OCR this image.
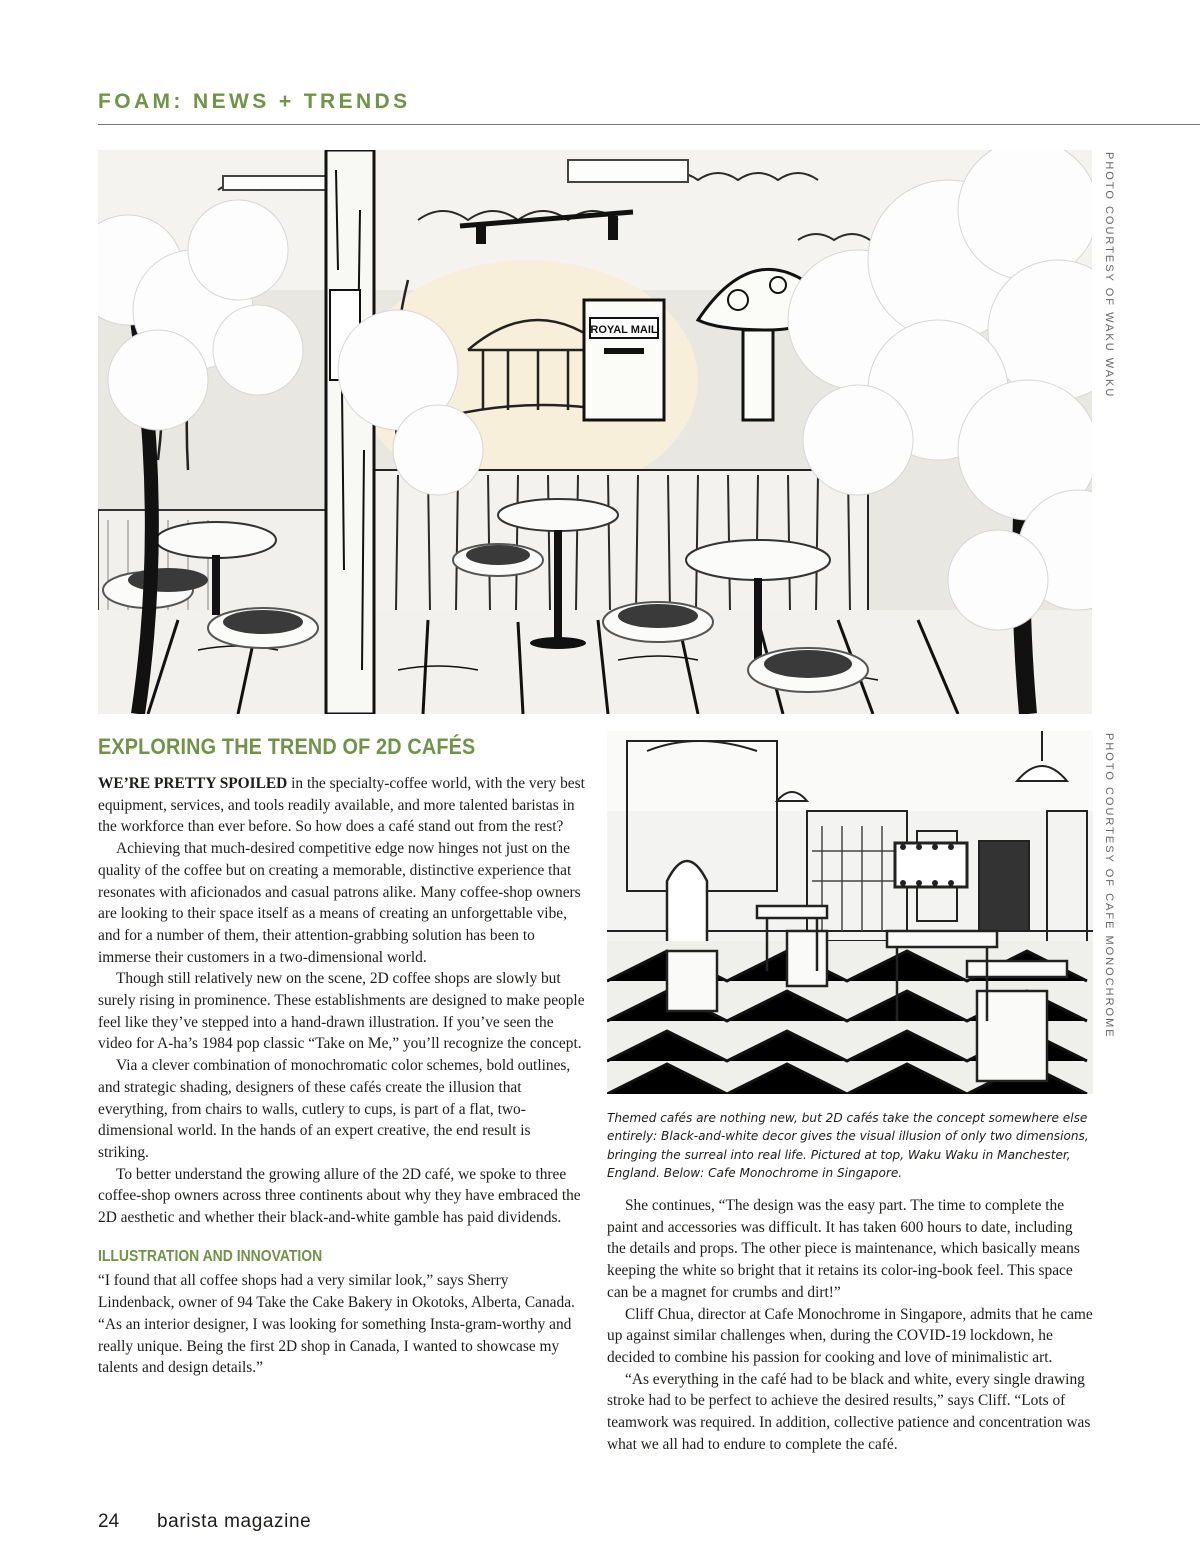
FOAM: NEWS + TRENDS
ROYAL MAIL	PHOTO COURTESY OF WAKU WAKU
EXPLORING THE TREND OF 2D CAFÉS

WE’RE PRETTY SPOILED in the specialty-coffee world, with the very best equipment, services, and tools readily available, and more talented baristas in the workforce than ever before. So how does a café stand out from the rest?

Achieving that much-desired competitive edge now hinges not just on the quality of the coffee but on creating a memorable, distinctive experience that resonates with aficionados and casual patrons alike. Many coffee-shop owners are looking to their space itself as a means of creating an unforgettable vibe, and for a number of them, their attention-grabbing solution has been to immerse their customers in a two-dimensional world.

Though still relatively new on the scene, 2D coffee shops are slowly but surely rising in prominence. These establishments are designed to make people feel like they’ve stepped into a hand-drawn illustration. If you’ve seen the video for A-ha’s 1984 pop classic “Take on Me,” you’ll recognize the concept.

Via a clever combination of monochromatic color schemes, bold outlines, and strategic shading, designers of these cafés create the illusion that everything, from chairs to walls, cutlery to cups, is part of a flat, two-dimensional world. In the hands of an expert creative, the end result is striking.

To better understand the growing allure of the 2D café, we spoke to three coffee-shop owners across three continents about why they have embraced the 2D aesthetic and whether their black-and-white gamble has paid dividends.

ILLUSTRATION AND INNOVATION

“I found that all coffee shops had a very similar look,” says Sherry Lindenback, owner of 94 Take the Cake Bakery in Okotoks, Alberta, Canada. “As an interior designer, I was looking for something Insta-gram-worthy and really unique. Being the first 2D shop in Canada, I wanted to showcase my talents and design details.”

PHOTO COURTESY OF CAFE MONOCHROME
Themed cafés are nothing new, but 2D cafés take the concept somewhere else entirely: Black-and-white decor gives the visual illusion of only two dimensions, bringing the surreal into real life. Pictured at top, Waku Waku in Manchester, England. Below: Cafe Monochrome in Singapore.

She continues, “The design was the easy part. The time to complete the paint and accessories was difficult. It has taken 600 hours to date, including the details and props. The other piece is maintenance, which basically means keeping the white so bright that it retains its color-ing-book feel. This space can be a magnet for crumbs and dirt!”

Cliff Chua, director at Cafe Monochrome in Singapore, admits that he came up against similar challenges when, during the COVID-19 lockdown, he decided to combine his passion for cooking and love of minimalistic art.

“As everything in the café had to be black and white, every single drawing stroke had to be perfect to achieve the desired results,” says Cliff. “Lots of teamwork was required. In addition, collective patience and concentration was what we all had to endure to complete the café.

24 barista magazine
